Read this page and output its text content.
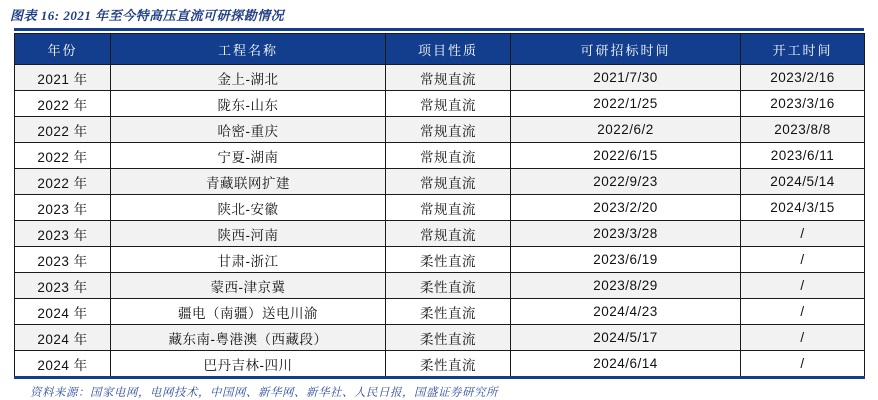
图表 16: 2021 年至今特高压直流可研探勘情况
年份	工程名称	项目性质	可研招标时间	开工时间
2021 年	金上-湖北	常规直流	2021/7/30	2023/2/16
2022 年	陇东-山东	常规直流	2022/1/25	2023/3/16
2022 年	哈密-重庆	常规直流	2022/6/2	2023/8/8
2022 年	宁夏-湖南	常规直流	2022/6/15	2023/6/11
2022 年	青藏联网扩建	常规直流	2022/9/23	2024/5/14
2023 年	陕北-安徽	常规直流	2023/2/20	2024/3/15
2023 年	陕西-河南	常规直流	2023/3/28	/
2023 年	甘肃-浙江	柔性直流	2023/6/19	/
2023 年	蒙西-津京冀	柔性直流	2023/8/29	/
2024 年	疆电（南疆）送电川渝	柔性直流	2024/4/23	/
2024 年	藏东南-粤港澳（西藏段）	柔性直流	2024/5/17	/
2024 年	巴丹吉林-四川	柔性直流	2024/6/14	/
资料来源：国家电网，电网技术，中国网、新华网、新华社、人民日报，国盛证券研究所
